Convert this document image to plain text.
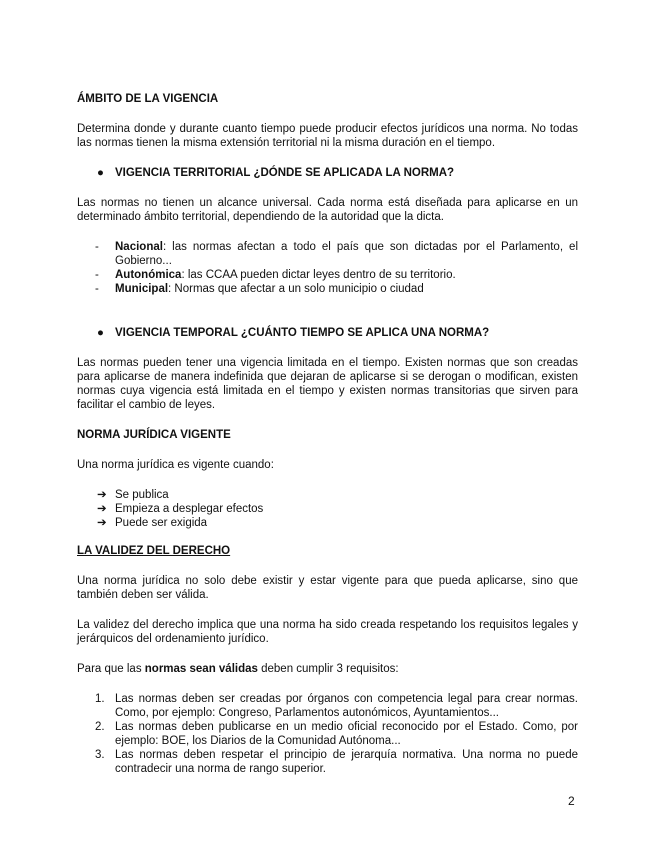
ÁMBITO DE LA VIGENCIA

Determina donde y durante cuanto tiempo puede producir efectos jurídicos una norma. No todas las normas tienen la misma extensión territorial ni la misma duración en el tiempo.

● VIGENCIA TERRITORIAL ¿DÓNDE SE APLICADA LA NORMA?

Las normas no tienen un alcance universal. Cada norma está diseñada para aplicarse en un determinado ámbito territorial, dependiendo de la autoridad que la dicta.

- Nacional: las normas afectan a todo el país que son dictadas por el Parlamento, el Gobierno...
- Autonómica: las CCAA pueden dictar leyes dentro de su territorio.
- Municipal: Normas que afectar a un solo municipio o ciudad
● VIGENCIA TEMPORAL ¿CUÁNTO TIEMPO SE APLICA UNA NORMA?

Las normas pueden tener una vigencia limitada en el tiempo. Existen normas que son creadas para aplicarse de manera indefinida que dejaran de aplicarse si se derogan o modifican, existen normas cuya vigencia está limitada en el tiempo y existen normas transitorias que sirven para facilitar el cambio de leyes.

NORMA JURÍDICA VIGENTE

Una norma jurídica es vigente cuando:

➔ Se publica
➔ Empieza a desplegar efectos
➔ Puede ser exigida
LA VALIDEZ DEL DERECHO

Una norma jurídica no solo debe existir y estar vigente para que pueda aplicarse, sino que también deben ser válida.

La validez del derecho implica que una norma ha sido creada respetando los requisitos legales y jerárquicos del ordenamiento jurídico.

Para que las normas sean válidas deben cumplir 3 requisitos:

1. Las normas deben ser creadas por órganos con competencia legal para crear normas. Como, por ejemplo: Congreso, Parlamentos autonómicos, Ayuntamientos...
2. Las normas deben publicarse en un medio oficial reconocido por el Estado. Como, por ejemplo: BOE, los Diarios de la Comunidad Autónoma...
3. Las normas deben respetar el principio de jerarquía normativa. Una norma no puede contradecir una norma de rango superior.
2
